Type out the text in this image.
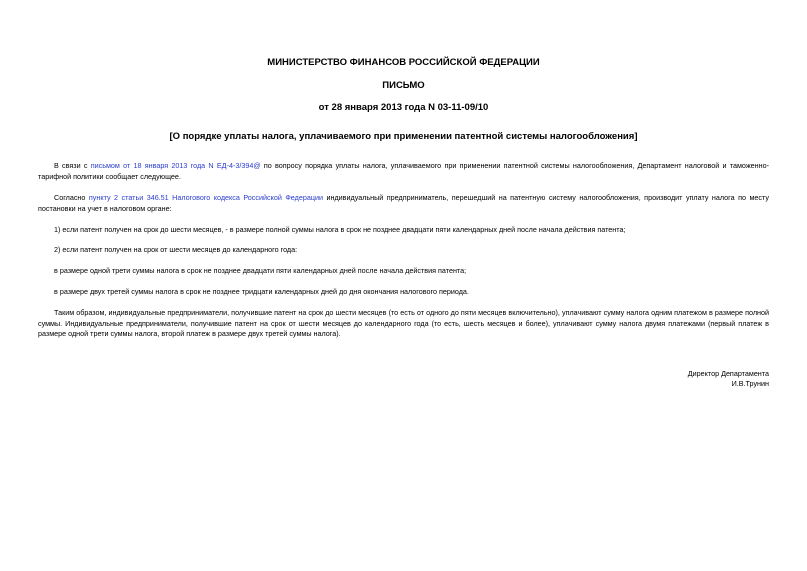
МИНИСТЕРСТВО ФИНАНСОВ РОССИЙСКОЙ ФЕДЕРАЦИИ
ПИСЬМО
от 28 января 2013 года N 03-11-09/10
[О порядке уплаты налога, уплачиваемого при применении патентной системы налогообложения]
В связи с письмом от 18 января 2013 года N ЕД-4-3/394@ по вопросу порядка уплаты налога, уплачиваемого при применении патентной системы налогообложения, Департамент налоговой и таможенно-тарифной политики сообщает следующее.
Согласно пункту 2 статьи 346.51 Налогового кодекса Российской Федерации индивидуальный предприниматель, перешедший на патентную систему налогообложения, производит уплату налога по месту постановки на учет в налоговом органе:
1) если патент получен на срок до шести месяцев, - в размере полной суммы налога в срок не позднее двадцати пяти календарных дней после начала действия патента;
2) если патент получен на срок от шести месяцев до календарного года:
в размере одной трети суммы налога в срок не позднее двадцати пяти календарных дней после начала действия патента;
в размере двух третей суммы налога в срок не позднее тридцати календарных дней до дня окончания налогового периода.
Таким образом, индивидуальные предприниматели, получившие патент на срок до шести месяцев (то есть от одного до пяти месяцев включительно), уплачивают сумму налога одним платежом в размере полной суммы. Индивидуальные предприниматели, получившие патент на срок от шести месяцев до календарного года (то есть, шесть месяцев и более), уплачивают сумму налога двумя платежами (первый платеж в размере одной трети суммы налога, второй платеж в размере двух третей суммы налога).
Директор Департамента
И.В.Трунин
